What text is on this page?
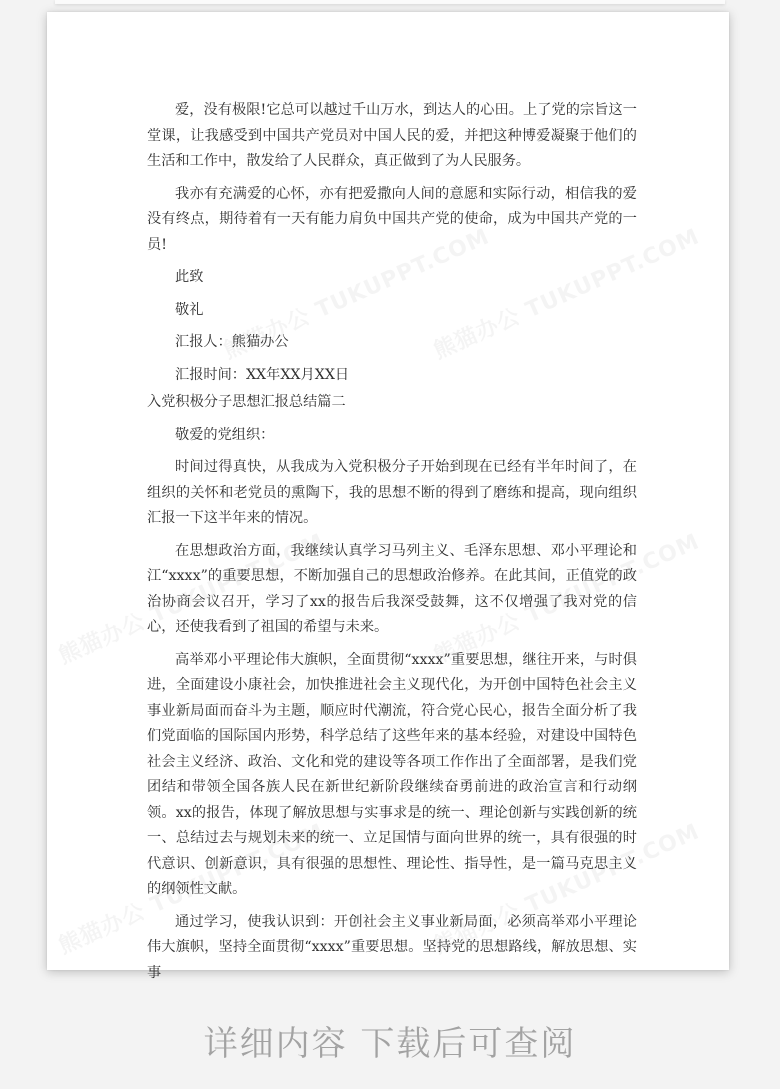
爱，没有极限!它总可以越过千山万水，到达人的心田。上了党的宗旨这一堂课，让我感受到中国共产党员对中国人民的爱，并把这种博爱凝聚于他们的生活和工作中，散发给了人民群众，真正做到了为人民服务。

我亦有充满爱的心怀，亦有把爱撒向人间的意愿和实际行动，相信我的爱没有终点，期待着有一天有能力肩负中国共产党的使命，成为中国共产党的一员!

此致

敬礼

汇报人：熊猫办公

汇报时间：XX年XX月XX日

入党积极分子思想汇报总结篇二

敬爱的党组织：

时间过得真快，从我成为入党积极分子开始到现在已经有半年时间了，在组织的关怀和老党员的熏陶下，我的思想不断的得到了磨练和提高，现向组织汇报一下这半年来的情况。

在思想政治方面，我继续认真学习马列主义、毛泽东思想、邓小平理论和江“xxxx”的重要思想，不断加强自己的思想政治修养。在此其间，正值党的政治协商会议召开，学习了xx的报告后我深受鼓舞，这不仅增强了我对党的信心，还使我看到了祖国的希望与未来。

高举邓小平理论伟大旗帜，全面贯彻“xxxx”重要思想，继往开来，与时俱进，全面建设小康社会，加快推进社会主义现代化，为开创中国特色社会主义事业新局面而奋斗为主题，顺应时代潮流，符合党心民心，报告全面分析了我们党面临的国际国内形势，科学总结了这些年来的基本经验，对建设中国特色社会主义经济、政治、文化和党的建设等各项工作作出了全面部署，是我们党团结和带领全国各族人民在新世纪新阶段继续奋勇前进的政治宣言和行动纲领。xx的报告，体现了解放思想与实事求是的统一、理论创新与实践创新的统一、总结过去与规划未来的统一、立足国情与面向世界的统一，具有很强的时代意识、创新意识，具有很强的思想性、理论性、指导性，是一篇马克思主义的纲领性文献。

通过学习，使我认识到：开创社会主义事业新局面，必须高举邓小平理论伟大旗帜，坚持全面贯彻“xxxx”重要思想。坚持党的思想路线，解放思想、实事

详细内容 下载后可查阅
